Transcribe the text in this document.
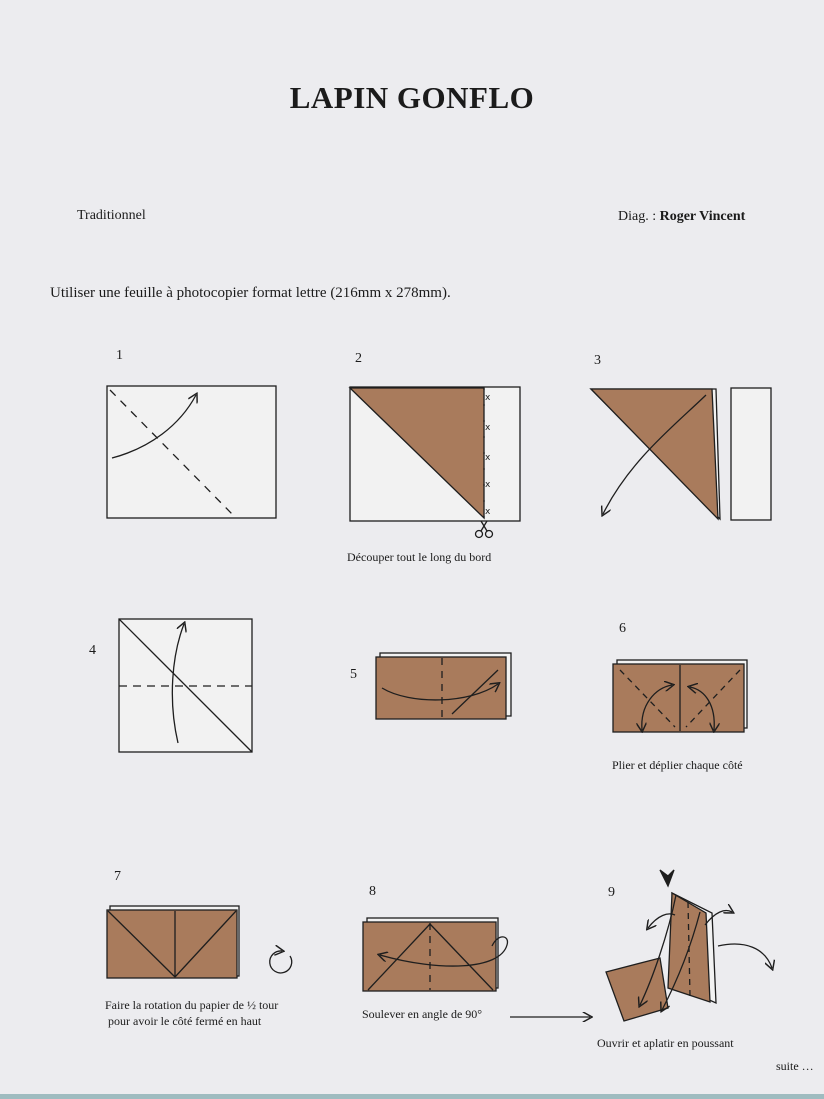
LAPIN GONFLO
Traditionnel	Diag. : Roger Vincent
Utiliser une feuille à photocopier format lettre (216mm x 278mm).
1	2	3
4
5
6
7
8	9
Découper tout le long du bord
Plier et déplier chaque côté
Faire la rotation du papier de ½ tour
pour avoir le côté fermé en haut	Soulever en angle de 90°
Ouvrir et aplatir en poussant
suite …
x
x
x
x
x
